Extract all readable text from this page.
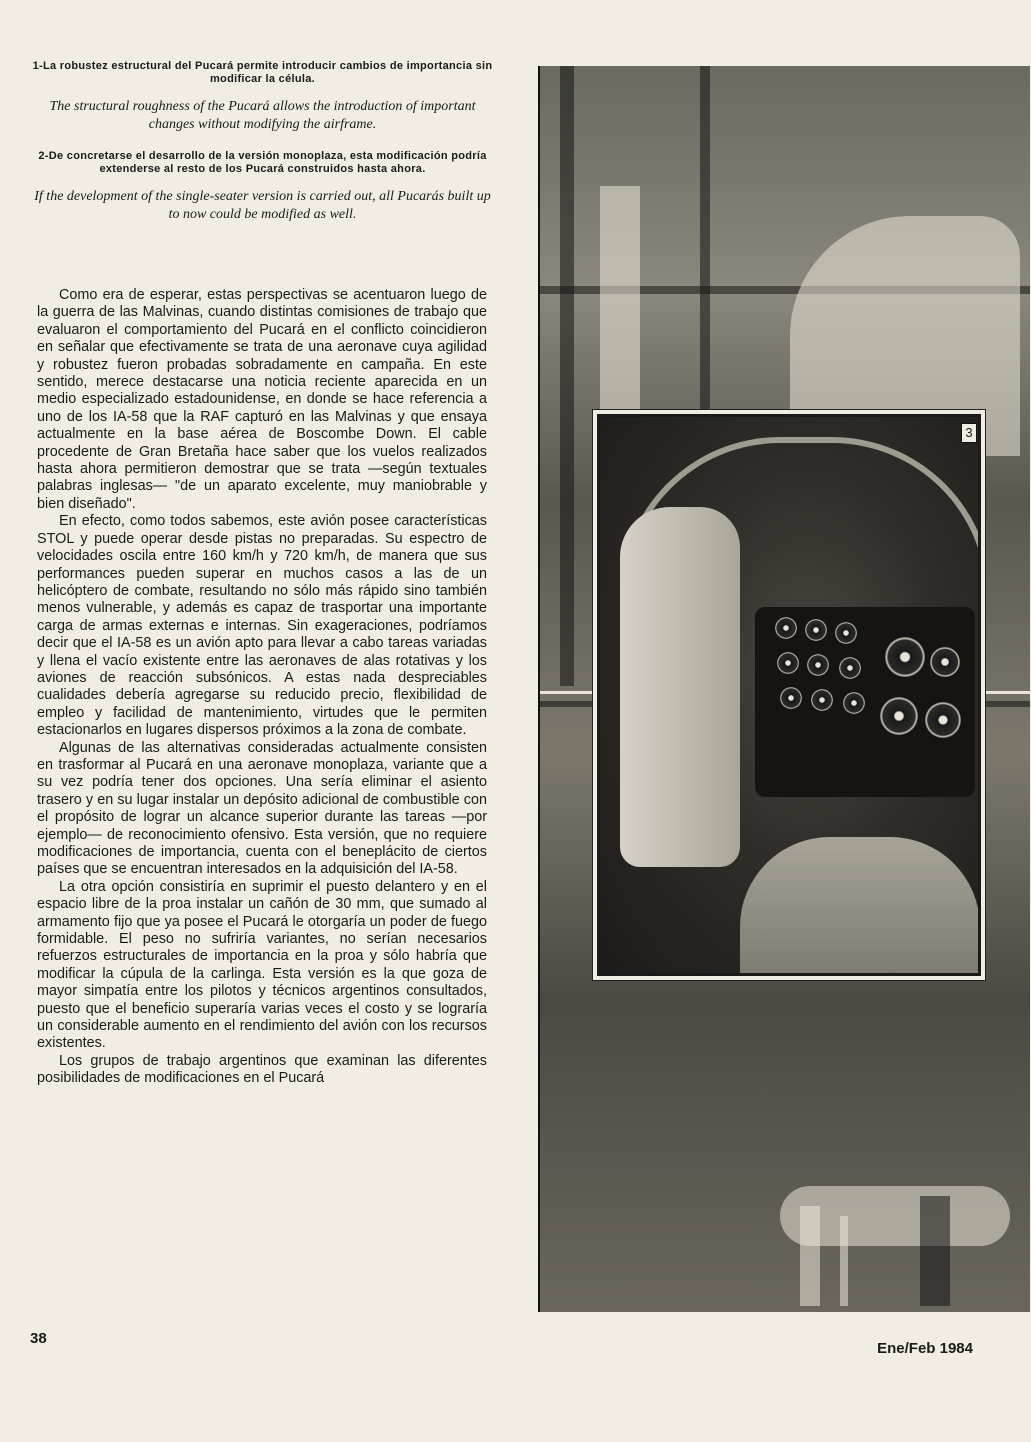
1-La robustez estructural del Pucará permite introducir cambios de importancia sin modificar la célula.

The structural roughness of the Pucará allows the introduction of important changes without modifying the airframe.

2-De concretarse el desarrollo de la versión monoplaza, esta modificación podría extenderse al resto de los Pucará construidos hasta ahora.

If the development of the single-seater version is carried out, all Pucarás built up to now could be modified as well.

Como era de esperar, estas perspectivas se acentuaron luego de la guerra de las Malvinas, cuando distintas comisiones de trabajo que evaluaron el comportamiento del Pucará en el conflicto coincidieron en señalar que efectivamente se trata de una aeronave cuya agilidad y robustez fueron probadas sobradamente en campaña. En este sentido, merece destacarse una noticia reciente aparecida en un medio especializado estadounidense, en donde se hace referencia a uno de los IA-58 que la RAF capturó en las Malvinas y que ensaya actualmente en la base aérea de Boscombe Down. El cable procedente de Gran Bretaña hace saber que los vuelos realizados hasta ahora permitieron demostrar que se trata —según textuales palabras inglesas— "de un aparato excelente, muy maniobrable y bien diseñado".

En efecto, como todos sabemos, este avión posee características STOL y puede operar desde pistas no preparadas. Su espectro de velocidades oscila entre 160 km/h y 720 km/h, de manera que sus performances pueden superar en muchos casos a las de un helicóptero de combate, resultando no sólo más rápido sino también menos vulnerable, y además es capaz de trasportar una importante carga de armas externas e internas. Sin exageraciones, podríamos decir que el IA-58 es un avión apto para llevar a cabo tareas variadas y llena el vacío existente entre las aeronaves de alas rotativas y los aviones de reacción subsónicos. A estas nada despreciables cualidades debería agregarse su reducido precio, flexibilidad de empleo y facilidad de mantenimiento, virtudes que le permiten estacionarlos en lugares dispersos próximos a la zona de combate.

Algunas de las alternativas consideradas actualmente consisten en trasformar al Pucará en una aeronave monoplaza, variante que a su vez podría tener dos opciones. Una sería eliminar el asiento trasero y en su lugar instalar un depósito adicional de combustible con el propósito de lograr un alcance superior durante las tareas —por ejemplo— de reconocimiento ofensivo. Esta versión, que no requiere modificaciones de importancia, cuenta con el beneplácito de ciertos países que se encuentran interesados en la adquisición del IA-58.

La otra opción consistiría en suprimir el puesto delantero y en el espacio libre de la proa instalar un cañón de 30 mm, que sumado al armamento fijo que ya posee el Pucará le otorgaría un poder de fuego formidable. El peso no sufriría variantes, no serían necesarios refuerzos estructurales de importancia en la proa y sólo habría que modificar la cúpula de la carlinga. Esta versión es la que goza de mayor simpatía entre los pilotos y técnicos argentinos consultados, puesto que el beneficio superaría varias veces el costo y se lograría un considerable aumento en el rendimiento del avión con los recursos existentes.

Los grupos de trabajo argentinos que examinan las diferentes posibilidades de modificaciones en el Pucará

3
38
Ene/Feb 1984
